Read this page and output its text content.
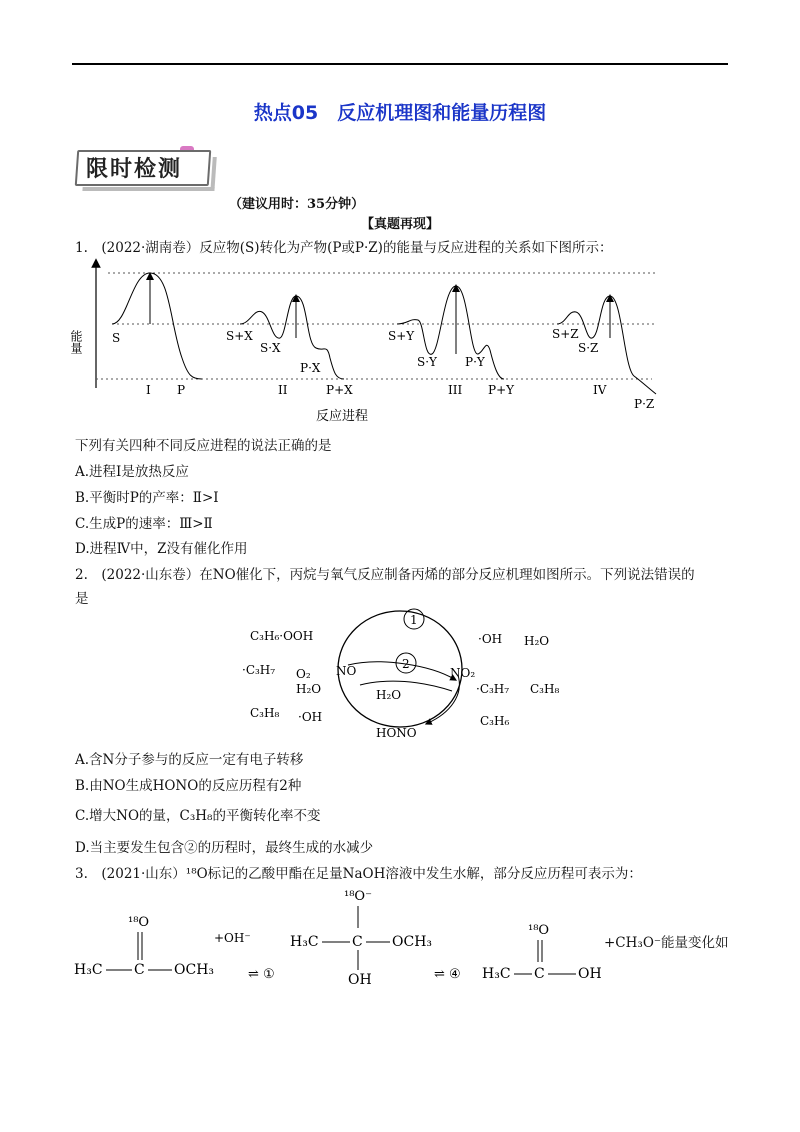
热点05　反应机理图和能量历程图
限时检测
（建议用时：35分钟）
【真题再现】
1.　(2022·湖南卷）反应物(S)转化为产物(P或P·Z)的能量与反应进程的关系如下图所示：
能量 S
I P
S+X
S·X
P·X
II	P+X
S+Y
S·Y P·Y
III P+Y
S+Z
S·Z
IV
P·Z
反应进程
下列有关四种不同反应进程的说法正确的是
A.进程Ⅰ是放热反应
B.平衡时P的产率：Ⅱ>Ⅰ
C.生成P的速率：Ⅲ>Ⅱ
D.进程Ⅳ中，Z没有催化作用
2.　(2022·山东卷）在NO催化下，丙烷与氧气反应制备丙烯的部分反应机理如图所示。下列说法错误的
是
1
2
C₃H₆·OOH
·C₃H₇ O₂ NO
H₂O
C₃H₈ ·OH
H₂O
NO₂
·C₃H₇
·OH H₂O
C₃H₈
C₃H₆
HONO
A.含N分子参与的反应一定有电子转移
B.由NO生成HONO的反应历程有2种
C.增大NO的量，C₃H₈的平衡转化率不变
D.当主要发生包含②的历程时，最终生成的水减少
3.　(2021·山东）¹⁸O标记的乙酸甲酯在足量NaOH溶液中发生水解，部分反应历程可表示为：
¹⁸O
H₃C C OCH₃
+OH⁻
⇌ ①
¹⁸O⁻
H₃C C OCH₃
OH	⇌ ④
¹⁸O
H₃C C OH
+CH₃O⁻能量变化如
